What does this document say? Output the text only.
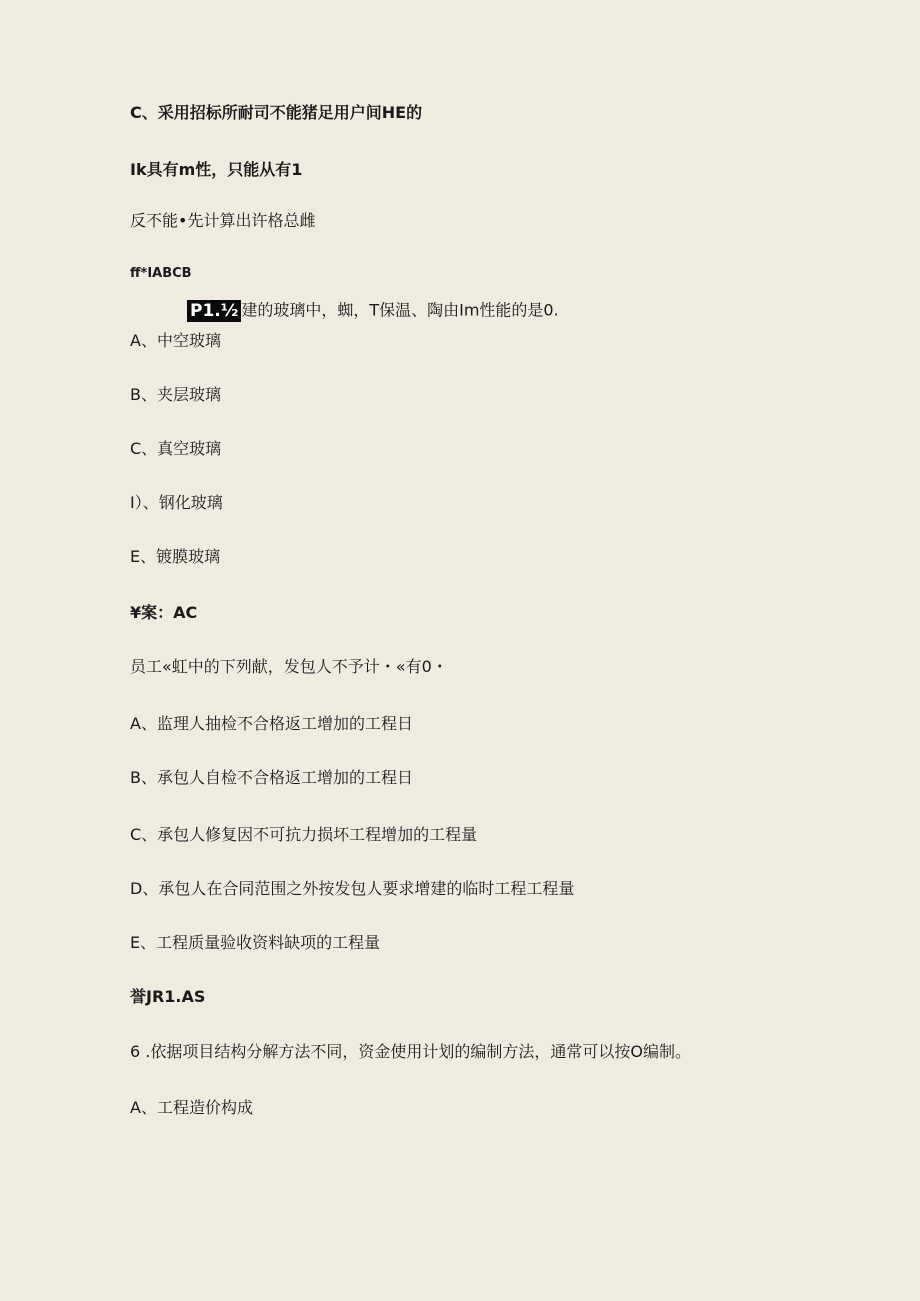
C、采用招标所耐司不能猪足用户间HE的
Ik具有m性，只能从有1
反不能•先计算出许格总雌
ff*IABCB
P1.½ 建的玻璃中，蜘，T保温、陶由Im性能的是0.
A、中空玻璃
B、夹层玻璃
C、真空玻璃
I）、钢化玻璃
E、镀膜玻璃
¥案：AC
员工«虹中的下列献，发包人不予计・«有0・
A、监理人抽检不合格返工增加的工程日
B、承包人自检不合格返工增加的工程日
C、承包人修复因不可抗力损坏工程增加的工程量
D、承包人在合同范围之外按发包人要求增建的临时工程工程量
E、工程质量验收资料缺项的工程量
誉JR1.AS
6 .依据项目结构分解方法不同，资金使用计划的编制方法，通常可以按O编制。
A、工程造价构成
